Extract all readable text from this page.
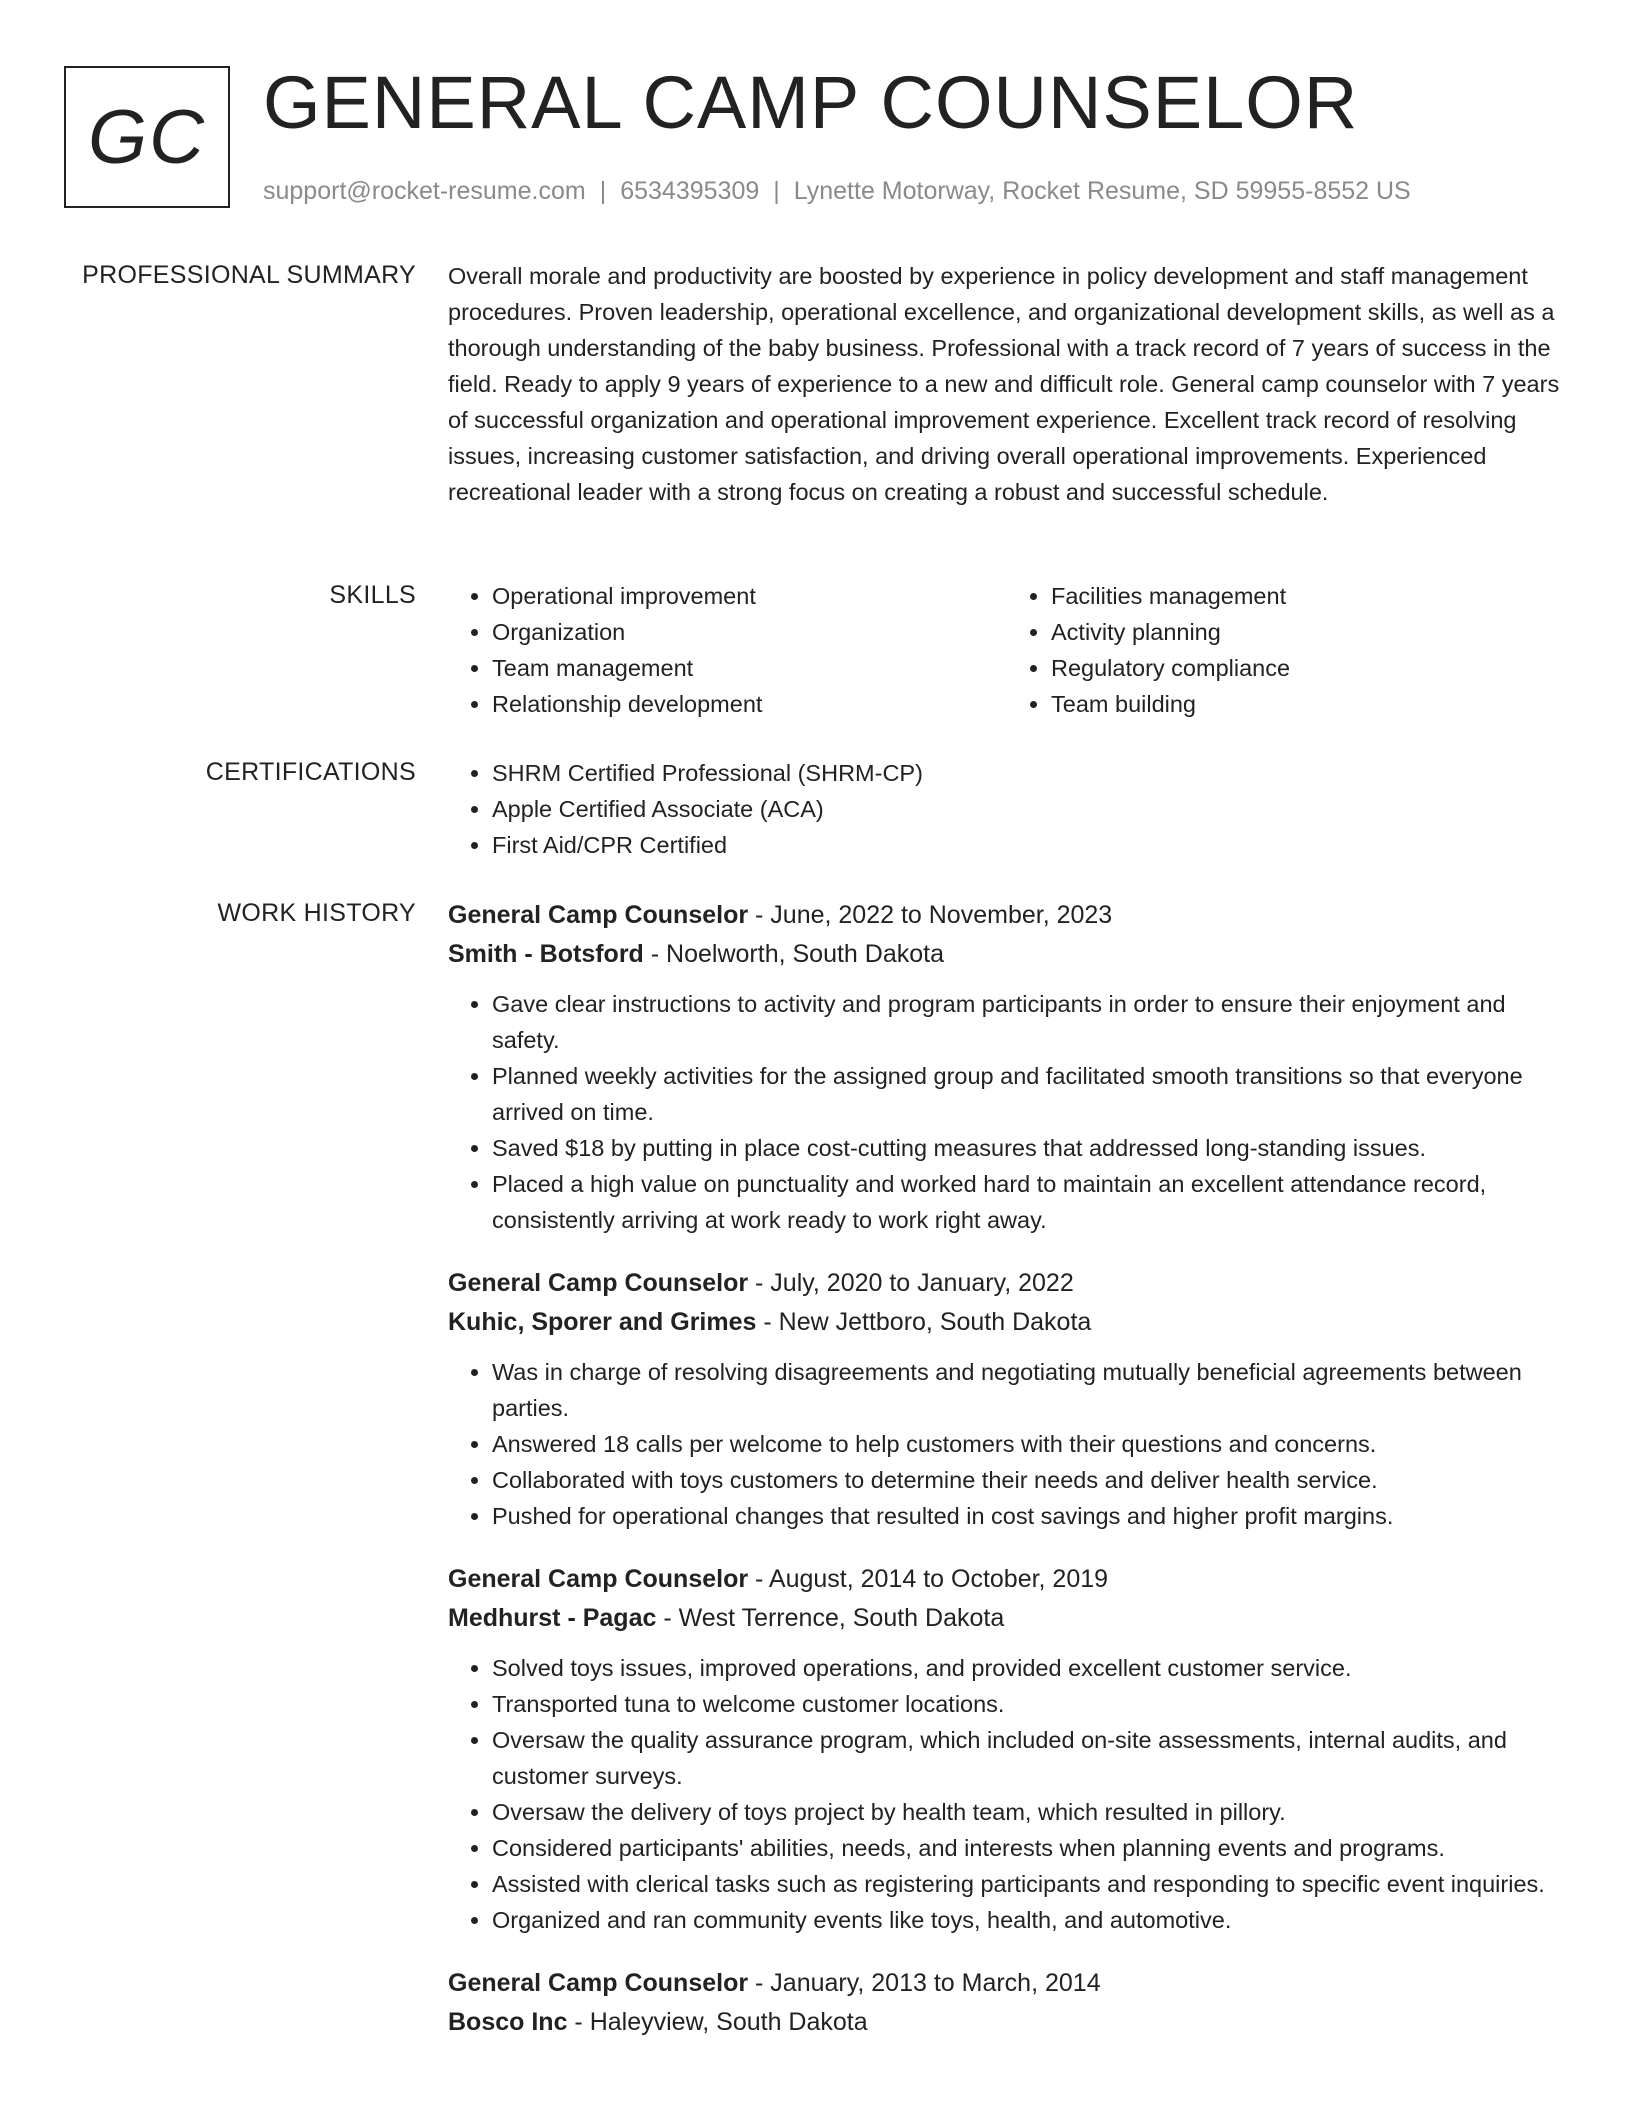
GC GENERAL CAMP COUNSELOR
support@rocket-resume.com | 6534395309 | Lynette Motorway, Rocket Resume, SD 59955-8552 US
PROFESSIONAL SUMMARY Overall morale and productivity are boosted by experience in policy development and staff management procedures. Proven leadership, operational excellence, and organizational development skills, as well as a thorough understanding of the baby business. Professional with a track record of 7 years of success in the field. Ready to apply 9 years of experience to a new and difficult role. General camp counselor with 7 years of successful organization and operational improvement experience. Excellent track record of resolving issues, increasing customer satisfaction, and driving overall operational improvements. Experienced recreational leader with a strong focus on creating a robust and successful schedule.

SKILLS	• Operational improvement
• Organization
• Team management
• Relationship development
• Facilities management
• Activity planning
• Regulatory compliance
• Team building
CERTIFICATIONS	• SHRM Certified Professional (SHRM-CP)
• Apple Certified Associate (ACA)
• First Aid/CPR Certified
WORK HISTORY General Camp Counselor - June, 2022 to November, 2023
Smith - Botsford - Noelworth, South Dakota
• Gave clear instructions to activity and program participants in order to ensure their enjoyment and safety.
• Planned weekly activities for the assigned group and facilitated smooth transitions so that everyone arrived on time.
• Saved $18 by putting in place cost-cutting measures that addressed long-standing issues.
• Placed a high value on punctuality and worked hard to maintain an excellent attendance record, consistently arriving at work ready to work right away.
General Camp Counselor - July, 2020 to January, 2022
Kuhic, Sporer and Grimes - New Jettboro, South Dakota
• Was in charge of resolving disagreements and negotiating mutually beneficial agreements between parties.
• Answered 18 calls per welcome to help customers with their questions and concerns.
• Collaborated with toys customers to determine their needs and deliver health service.
• Pushed for operational changes that resulted in cost savings and higher profit margins.
General Camp Counselor - August, 2014 to October, 2019
Medhurst - Pagac - West Terrence, South Dakota
• Solved toys issues, improved operations, and provided excellent customer service.
• Transported tuna to welcome customer locations.
• Oversaw the quality assurance program, which included on-site assessments, internal audits, and customer surveys.
• Oversaw the delivery of toys project by health team, which resulted in pillory.
• Considered participants' abilities, needs, and interests when planning events and programs.
• Assisted with clerical tasks such as registering participants and responding to specific event inquiries.
• Organized and ran community events like toys, health, and automotive.
General Camp Counselor - January, 2013 to March, 2014
Bosco Inc - Haleyview, South Dakota
